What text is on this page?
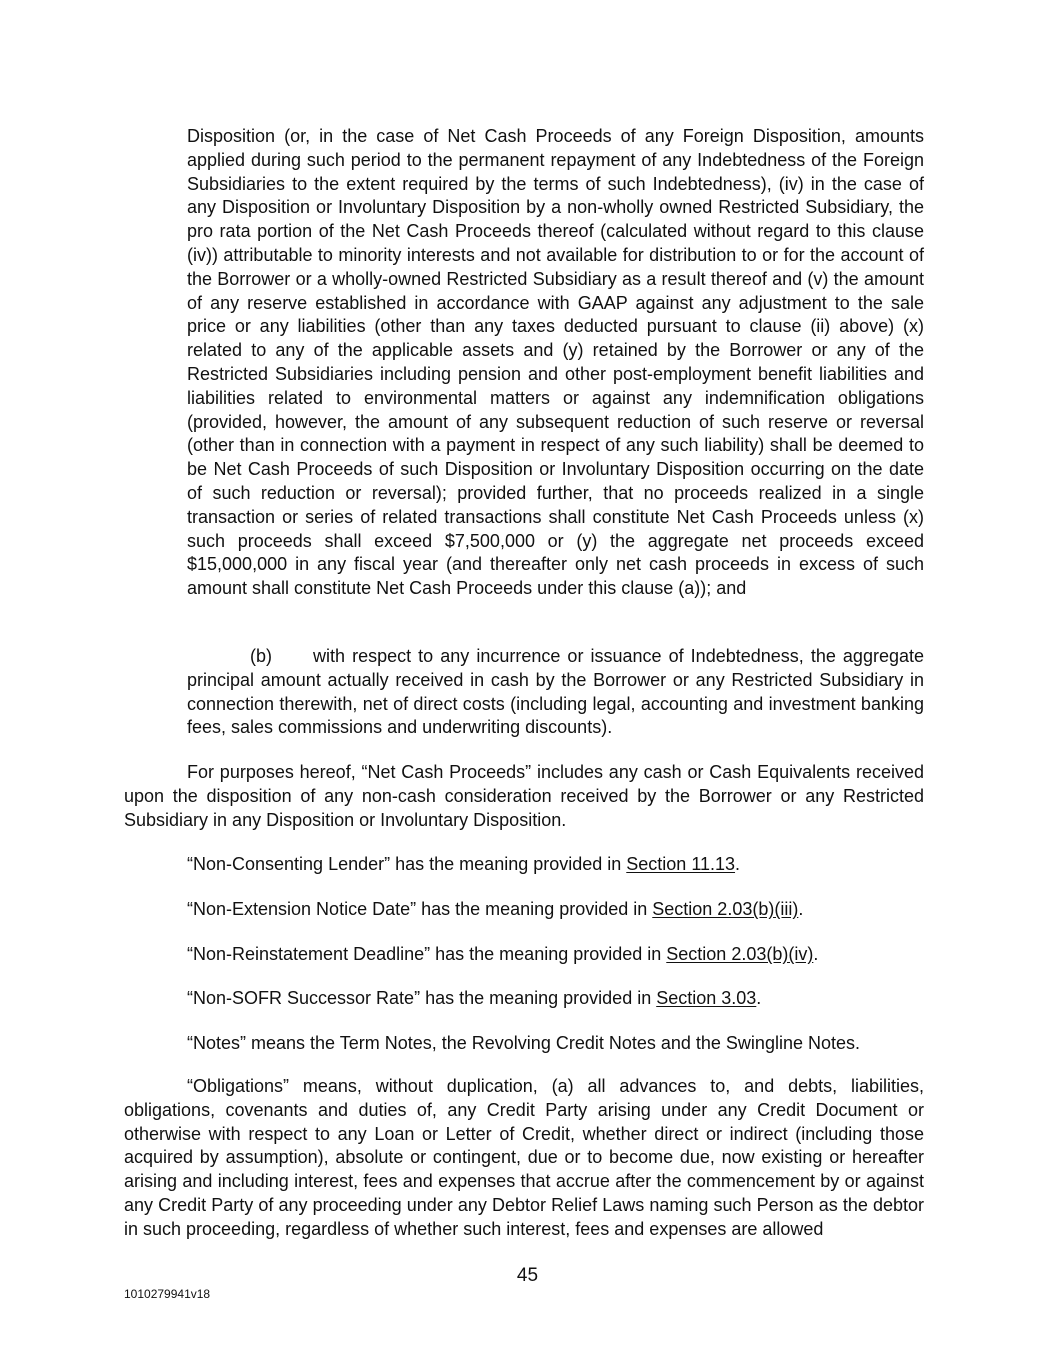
Disposition (or, in the case of Net Cash Proceeds of any Foreign Disposition, amounts applied during such period to the permanent repayment of any Indebtedness of the Foreign Subsidiaries to the extent required by the terms of such Indebtedness), (iv) in the case of any Disposition or Involuntary Disposition by a non-wholly owned Restricted Subsidiary, the pro rata portion of the Net Cash Proceeds thereof (calculated without regard to this clause (iv)) attributable to minority interests and not available for distribution to or for the account of the Borrower or a wholly-owned Restricted Subsidiary as a result thereof and (v) the amount of any reserve established in accordance with GAAP against any adjustment to the sale price or any liabilities (other than any taxes deducted pursuant to clause (ii) above) (x) related to any of the applicable assets and (y) retained by the Borrower or any of the Restricted Subsidiaries including pension and other post-employment benefit liabilities and liabilities related to environmental matters or against any indemnification obligations (provided, however, the amount of any subsequent reduction of such reserve or reversal (other than in connection with a payment in respect of any such liability) shall be deemed to be Net Cash Proceeds of such Disposition or Involuntary Disposition occurring on the date of such reduction or reversal); provided further, that no proceeds realized in a single transaction or series of related transactions shall constitute Net Cash Proceeds unless (x) such proceeds shall exceed $7,500,000 or (y) the aggregate net proceeds exceed $15,000,000 in any fiscal year (and thereafter only net cash proceeds in excess of such amount shall constitute Net Cash Proceeds under this clause (a)); and

(b) with respect to any incurrence or issuance of Indebtedness, the aggregate principal amount actually received in cash by the Borrower or any Restricted Subsidiary in connection therewith, net of direct costs (including legal, accounting and investment banking fees, sales commissions and underwriting discounts).

For purposes hereof, “Net Cash Proceeds” includes any cash or Cash Equivalents received upon the disposition of any non-cash consideration received by the Borrower or any Restricted Subsidiary in any Disposition or Involuntary Disposition.

“Non-Consenting Lender” has the meaning provided in Section 11.13.

“Non-Extension Notice Date” has the meaning provided in Section 2.03(b)(iii).

“Non-Reinstatement Deadline” has the meaning provided in Section 2.03(b)(iv).

“Non-SOFR Successor Rate” has the meaning provided in Section 3.03.

“Notes” means the Term Notes, the Revolving Credit Notes and the Swingline Notes.

“Obligations” means, without duplication, (a) all advances to, and debts, liabilities, obligations, covenants and duties of, any Credit Party arising under any Credit Document or otherwise with respect to any Loan or Letter of Credit, whether direct or indirect (including those acquired by assumption), absolute or contingent, due or to become due, now existing or hereafter arising and including interest, fees and expenses that accrue after the commencement by or against any Credit Party of any proceeding under any Debtor Relief Laws naming such Person as the debtor in such proceeding, regardless of whether such interest, fees and expenses are allowed

45
1010279941v18
